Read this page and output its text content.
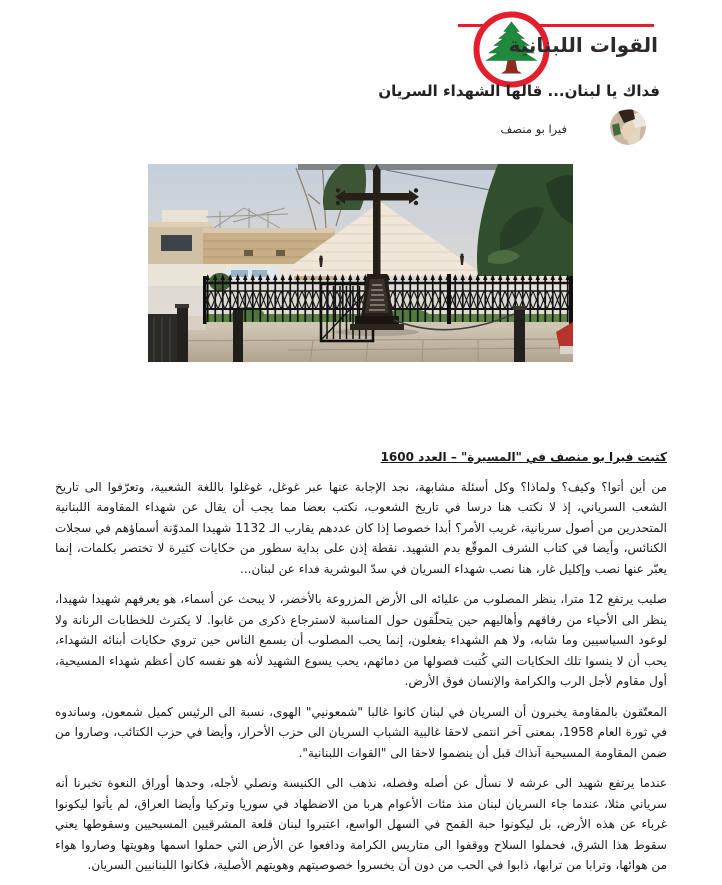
القوات اللبنانية
فداك يا لبنان... قالها الشهداء السريان
فيرا بو منصف

كتبت فيرا بو منصف في "المسيرة" – العدد 1600

من أين أتوا؟ وكيف؟ ولماذا؟ وكل أسئلة مشابهة، نجد الإجابة عنها عبر غوغل، غوغلوا باللغة الشعبية، وتعرّفوا الى تاريخ الشعب السرياني، إذ لا نكتب هنا درسا في تاريخ الشعوب، نكتب بعضا مما يجب أن يقال عن شهداء المقاومة اللبنانية المتحدرين من أصول سريانية، غريب الأمر؟ أبدا خصوصا إذا كان عددهم يقارب الـ 1132 شهيدا المدوّنة أسماؤهم في سجلات الكنائس، وأيضا في كتاب الشرف الموقّع بدم الشهيد. نقطة إذن على بداية سطور من حكايات كثيرة لا تختصر بكلمات، إنما يعبّر عنها نصب وإكليل غار، هنا نصب شهداء السريان في سدّ البوشرية فداء عن لبنان...

صليب يرتفع 12 مترا، ينظر المصلوب من عليائه الى الأرض المزروعة بالأخضر، لا يبحث عن أسماء، هو يعرفهم شهيدا شهيدا، ينظر الى الأحياء من رفاقهم وأهاليهم حين يتحلّقون حول المناسبة لاسترجاع ذكرى من غابوا. لا يكترث للخطابات الرنانة ولا لوعود السياسيين وما شابه، ولا هم الشهداء يفعلون، إنما يحب المصلوب أن يسمع الناس حين تروي حكايات أبنائه الشهداء، يحب أن لا ينسوا تلك الحكايات التي كُتبت فصولها من دمائهم، يحب يسوع الشهيد لأنه هو نفسه كان أعظم شهداء المسيحية، أول مقاوم لأجل الرب والكرامة والإنسان فوق الأرض.

المعتّقون بالمقاومة يخبرون أن السريان في لبنان كانوا غالبا "شمعونيي" الهوى، نسبة الى الرئيس كميل شمعون، وساندوه في ثورة العام 1958، بمعنى آخر انتمى لاحقا غالبية الشباب السريان الى حزب الأحرار، وأيضا في حزب الكتائب، وصاروا من ضمن المقاومة المسيحية آنذاك قبل أن ينضموا لاحقا الى "القوات اللبنانية".

عندما يرتفع شهيد الى عرشه لا نسأل عن أصله وفصله، نذهب الى الكنيسة ونصلي لأجله، وحدها أوراق النعوة تخبرنا أنه سرياني مثلا، عندما جاء السريان لبنان منذ مئات الأعوام هربا من الاضطهاد في سوريا وتركيا وأيضا العراق، لم يأتوا ليكونوا غرباء عن هذه الأرض، بل ليكونوا حبة القمح في السهل الواسع، اعتبروا لبنان قلعة المشرقيين المسيحيين وسقوطها يعني سقوط هذا الشرق، فحملوا السلاح ووقفوا الى متاريس الكرامة ودافعوا عن الأرض التي حملوا اسمها وهويتها وصاروا هواء من هوائها، وترابا من ترابها، ذابوا في الحب من دون أن يخسروا خصوصيتهم وهويتهم الأصلية، فكانوا اللبنانيين السريان.
